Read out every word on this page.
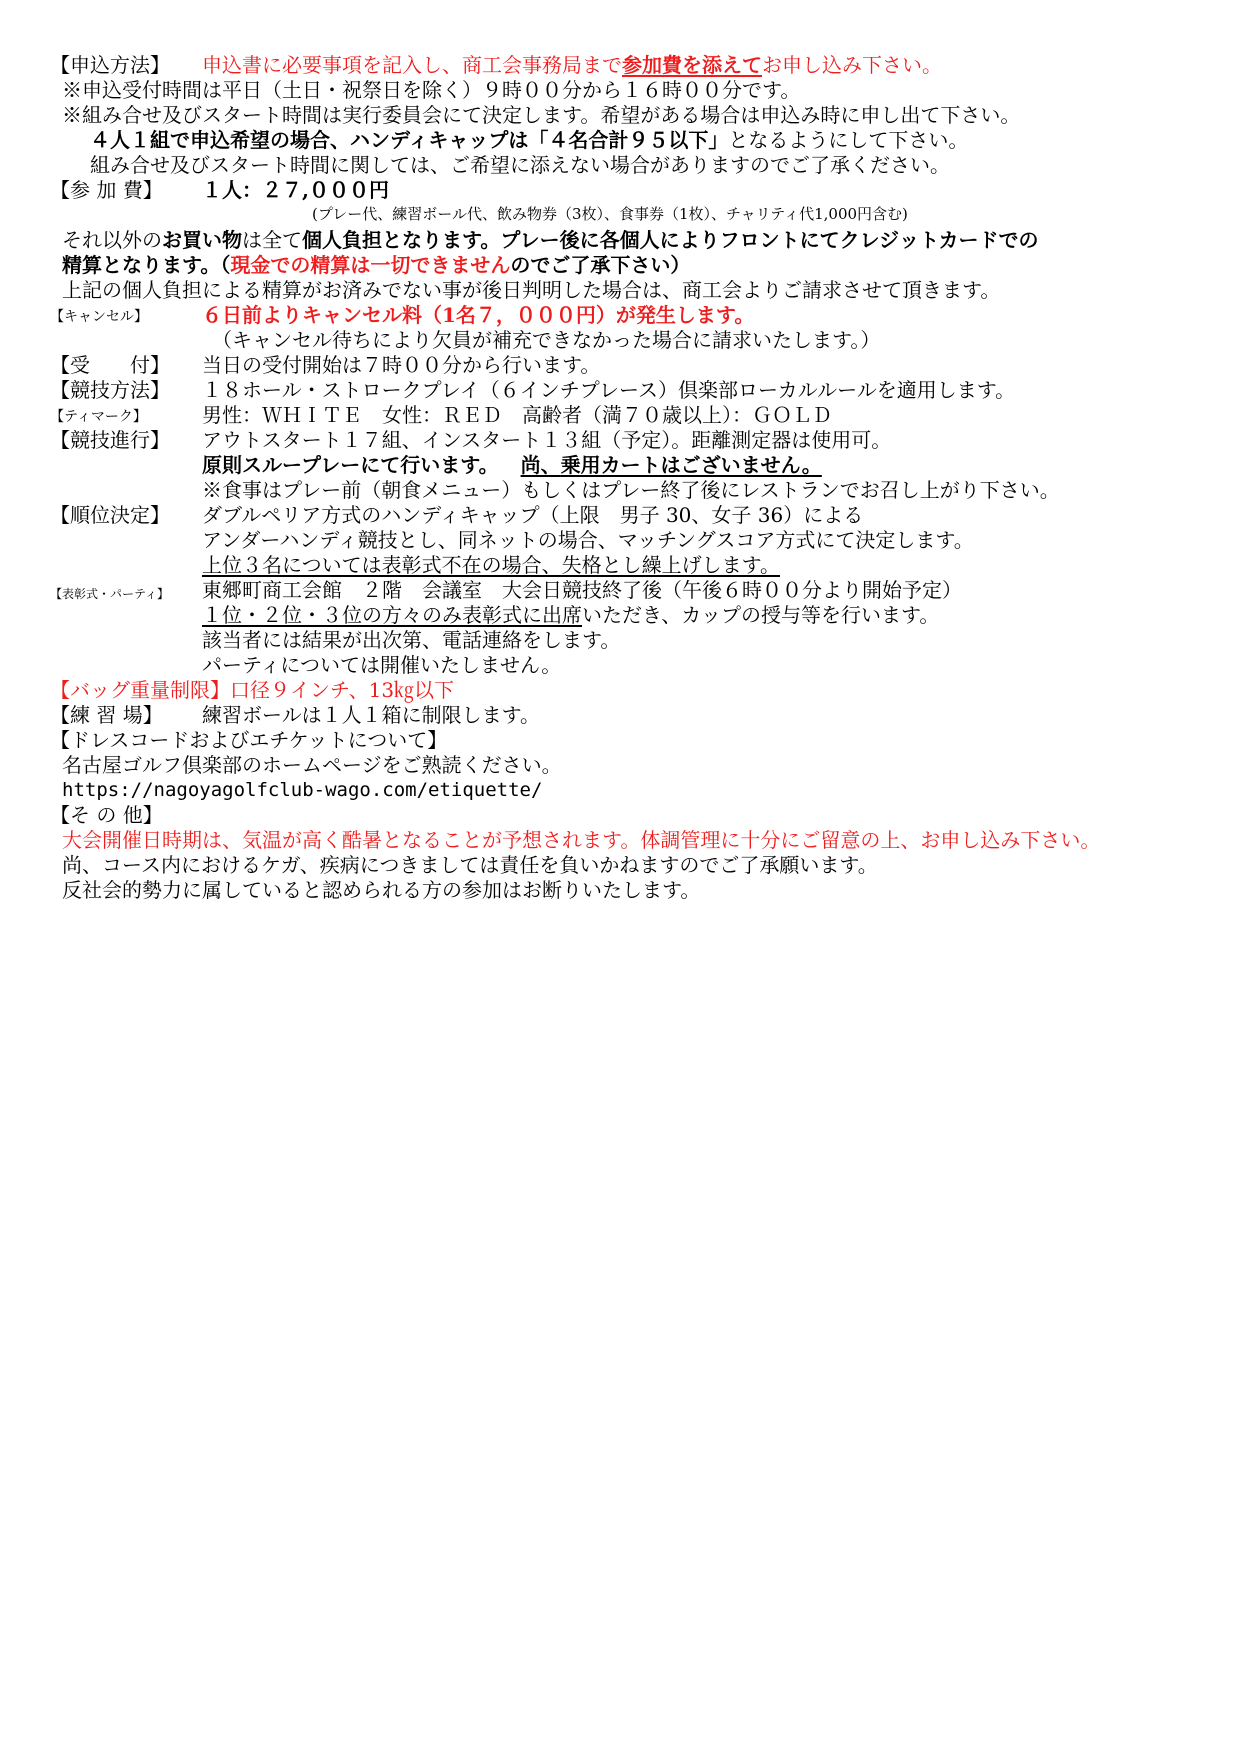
【申込方法】 申込書に必要事項を記入し、商工会事務局まで参加費を添えてお申し込み下さい。
※申込受付時間は平日（土日・祝祭日を除く）９時００分から１６時００分です。
※組み合せ及びスタート時間は実行委員会にて決定します。希望がある場合は申込み時に申し出て下さい。
４人１組で申込希望の場合、ハンディキャップは「４名合計９５以下」となるようにして下さい。
組み合せ及びスタート時間に関しては、ご希望に添えない場合がありますのでご了承ください。
【参 加 費】 １人：２７,０００円
(プレー代、練習ボール代、飲み物券（3枚）、食事券（1枚）、チャリティ代1,000円含む)
それ以外のお買い物は全て個人負担となります。プレー後に各個人によりフロントにてクレジットカードでの
精算となります。（現金での精算は一切できませんのでご了承下さい）
上記の個人負担による精算がお済みでない事が後日判明した場合は、商工会よりご請求させて頂きます。
【キャンセル】	６日前よりキャンセル料（1名７，０００円）が発生します。
（キャンセル待ちにより欠員が補充できなかった場合に請求いたします。）
【受　　付】 当日の受付開始は７時００分から行います。
【競技方法】 １８ホール・ストロークプレイ（６インチプレース）倶楽部ローカルルールを適用します。
【ティマーク】	男性：ＷＨＩＴＥ　女性：ＲＥＤ　高齢者（満７０歳以上）：ＧＯＬＤ
【競技進行】 アウトスタート１７組、インスタート１３組（予定）。距離測定器は使用可。
原則スループレーにて行います。 尚、乗用カートはございません。
※食事はプレー前（朝食メニュー）もしくはプレー終了後にレストランでお召し上がり下さい。
【順位決定】 ダブルペリア方式のハンディキャップ（上限　男子 30、女子 36）による
アンダーハンディ競技とし、同ネットの場合、マッチングスコア方式にて決定します。
上位３名については表彰式不在の場合、失格とし繰上げします。
【表彰式・パーティ】 東郷町商工会館　２階　会議室　大会日競技終了後（午後６時００分より開始予定）
１位・２位・３位の方々のみ表彰式に出席いただき、カップの授与等を行います。
該当者には結果が出次第、電話連絡をします。
パーティについては開催いたしません。
【バッグ重量制限】口径９インチ、13㎏以下
【練 習 場】 練習ボールは１人１箱に制限します。
【ドレスコードおよびエチケットについて】
名古屋ゴルフ倶楽部のホームページをご熟読ください。
https://nagoyagolfclub-wago.com/etiquette/
【そ の 他】
大会開催日時期は、気温が高く酷暑となることが予想されます。体調管理に十分にご留意の上、お申し込み下さい。
尚、コース内におけるケガ、疾病につきましては責任を負いかねますのでご了承願います。
反社会的勢力に属していると認められる方の参加はお断りいたします。
